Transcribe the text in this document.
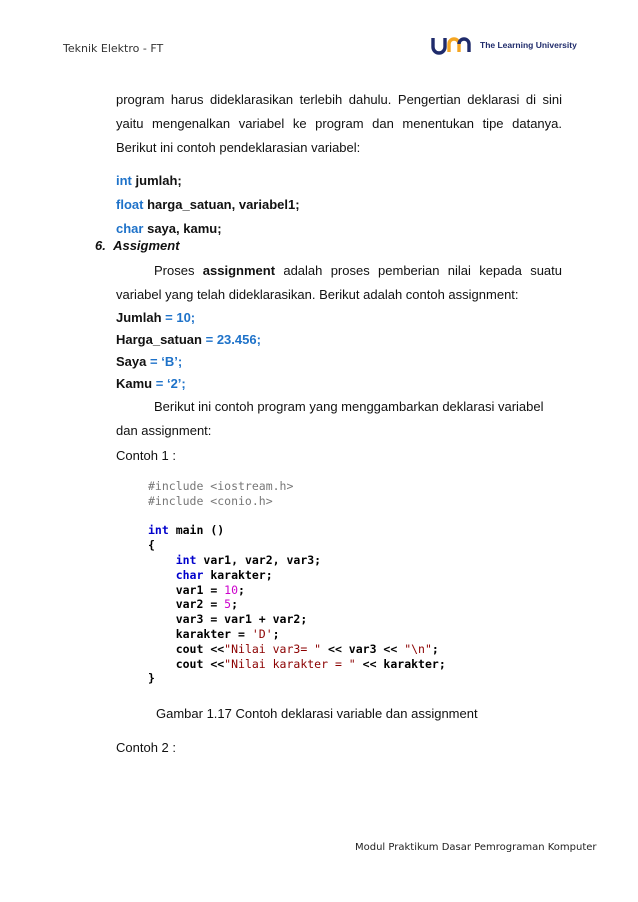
Teknik Elektro - FT	The Learning University

program harus dideklarasikan terlebih dahulu. Pengertian deklarasi di sini yaitu mengenalkan variabel ke program dan menentukan tipe datanya. Berikut ini contoh pendeklarasian variabel:

int jumlah;
float harga_satuan, variabel1;
char saya, kamu;
6. Assigment
Proses assignment adalah proses pemberian nilai kepada suatu variabel yang telah dideklarasikan. Berikut adalah contoh assignment:
Jumlah = 10;
Harga_satuan = 23.456;
Saya = ‘B’;
Kamu = ‘2’;
Berikut ini contoh program yang menggambarkan deklarasi variabel
dan assignment:
Contoh 1 :
#include <iostream.h>
#include <conio.h>

int main ()
{
int var1, var2, var3;
char karakter;
var1 = 10;
var2 = 5;
var3 = var1 + var2;
karakter = 'D';
cout <<"Nilai var3= " << var3 << "\n";
cout <<"Nilai karakter = " << karakter;
}
Gambar 1.17 Contoh deklarasi variable dan assignment
Contoh 2 :
Modul Praktikum Dasar Pemrograman Komputer
